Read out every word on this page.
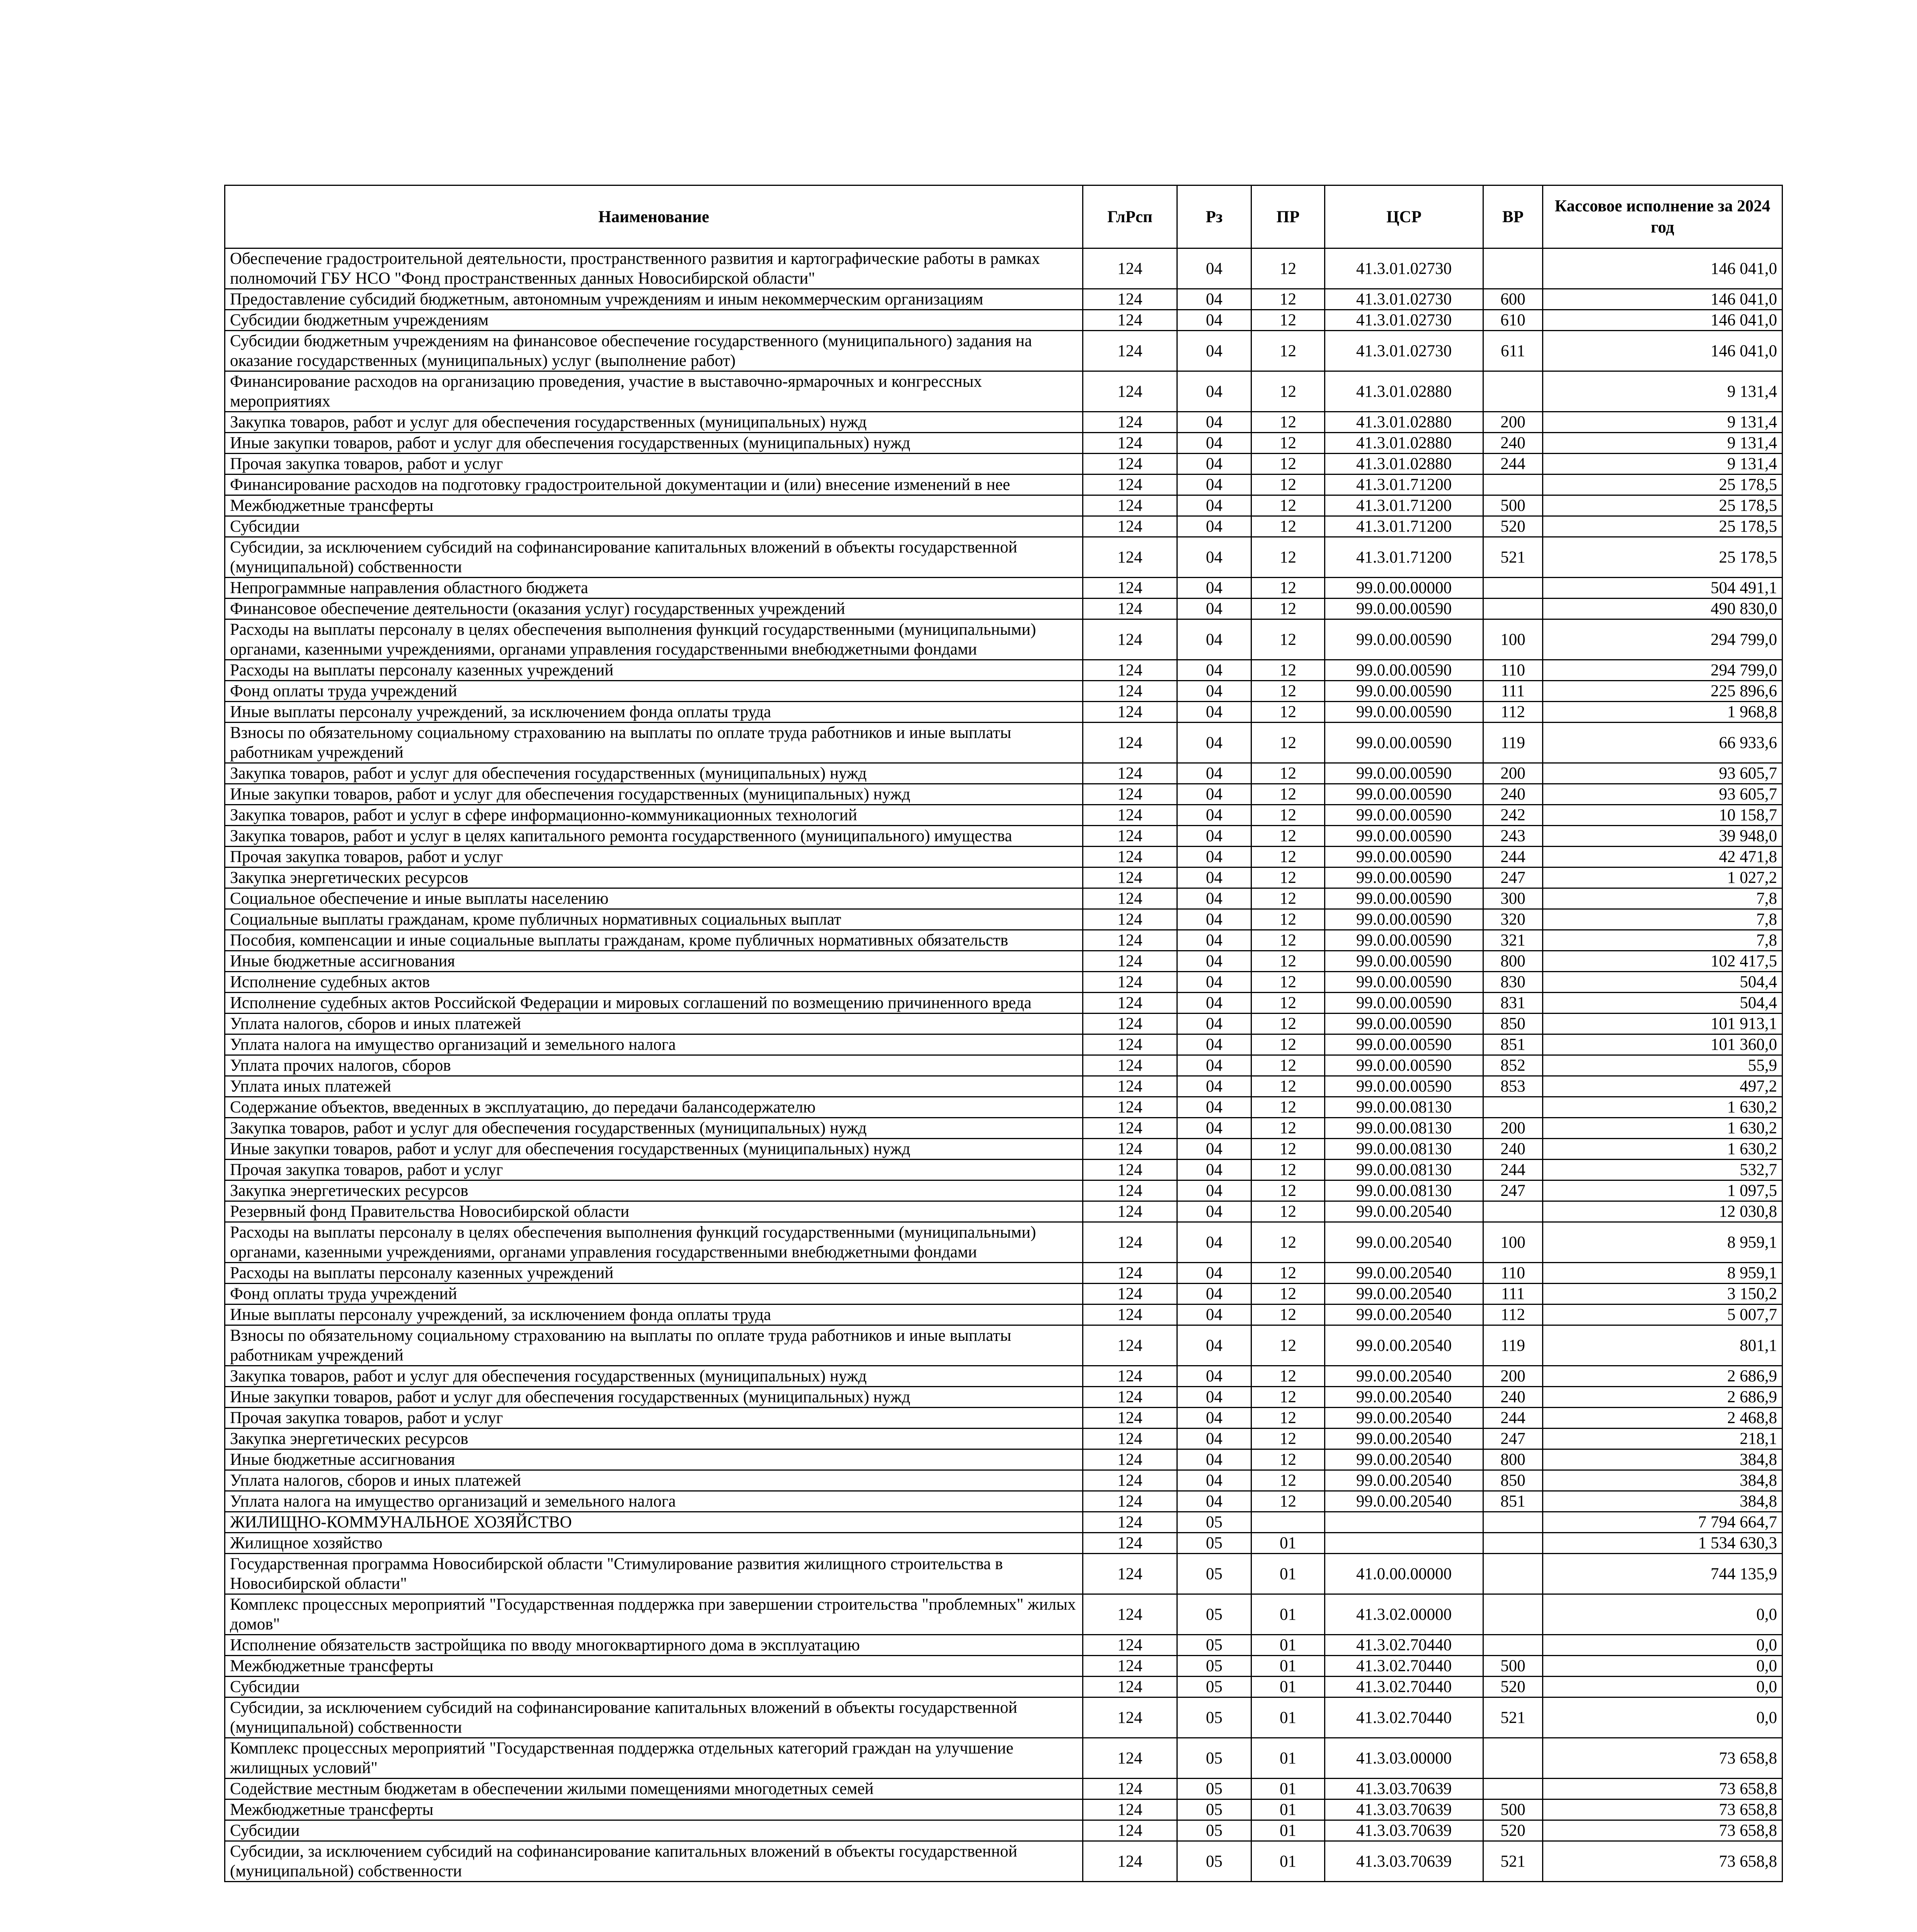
Наименование	ГлРсп	Рз	ПР	ЦСР	ВР	Кассовое исполнение за 2024 год
Обеспечение градостроительной деятельности, пространственного развития и картографические работы в рамках полномочий ГБУ НСО "Фонд пространственных данных Новосибирской области"	124	04	12	41.3.01.02730		146 041,0
Предоставление субсидий бюджетным, автономным учреждениям и иным некоммерческим организациям	124	04	12	41.3.01.02730	600	146 041,0
Субсидии бюджетным учреждениям	124	04	12	41.3.01.02730	610	146 041,0
Субсидии бюджетным учреждениям на финансовое обеспечение государственного (муниципального) задания на оказание государственных (муниципальных) услуг (выполнение работ)	124	04	12	41.3.01.02730	611	146 041,0
Финансирование расходов на организацию проведения, участие в выставочно-ярмарочных и конгрессных мероприятиях	124	04	12	41.3.01.02880		9 131,4
Закупка товаров, работ и услуг для обеспечения государственных (муниципальных) нужд	124	04	12	41.3.01.02880	200	9 131,4
Иные закупки товаров, работ и услуг для обеспечения государственных (муниципальных) нужд	124	04	12	41.3.01.02880	240	9 131,4
Прочая закупка товаров, работ и услуг	124	04	12	41.3.01.02880	244	9 131,4
Финансирование расходов на подготовку градостроительной документации и (или) внесение изменений в нее	124	04	12	41.3.01.71200		25 178,5
Межбюджетные трансферты	124	04	12	41.3.01.71200	500	25 178,5
Субсидии	124	04	12	41.3.01.71200	520	25 178,5
Субсидии, за исключением субсидий на софинансирование капитальных вложений в объекты государственной (муниципальной) собственности	124	04	12	41.3.01.71200	521	25 178,5
Непрограммные направления областного бюджета	124	04	12	99.0.00.00000		504 491,1
Финансовое обеспечение деятельности (оказания услуг) государственных учреждений	124	04	12	99.0.00.00590		490 830,0
Расходы на выплаты персоналу в целях обеспечения выполнения функций государственными (муниципальными) органами, казенными учреждениями, органами управления государственными внебюджетными фондами	124	04	12	99.0.00.00590	100	294 799,0
Расходы на выплаты персоналу казенных учреждений	124	04	12	99.0.00.00590	110	294 799,0
Фонд оплаты труда учреждений	124	04	12	99.0.00.00590	111	225 896,6
Иные выплаты персоналу учреждений, за исключением фонда оплаты труда	124	04	12	99.0.00.00590	112	1 968,8
Взносы по обязательному социальному страхованию на выплаты по оплате труда работников и иные выплаты работникам учреждений	124	04	12	99.0.00.00590	119	66 933,6
Закупка товаров, работ и услуг для обеспечения государственных (муниципальных) нужд	124	04	12	99.0.00.00590	200	93 605,7
Иные закупки товаров, работ и услуг для обеспечения государственных (муниципальных) нужд	124	04	12	99.0.00.00590	240	93 605,7
Закупка товаров, работ и услуг в сфере информационно-коммуникационных технологий	124	04	12	99.0.00.00590	242	10 158,7
Закупка товаров, работ и услуг в целях капитального ремонта государственного (муниципального) имущества	124	04	12	99.0.00.00590	243	39 948,0
Прочая закупка товаров, работ и услуг	124	04	12	99.0.00.00590	244	42 471,8
Закупка энергетических ресурсов	124	04	12	99.0.00.00590	247	1 027,2
Социальное обеспечение и иные выплаты населению	124	04	12	99.0.00.00590	300	7,8
Социальные выплаты гражданам, кроме публичных нормативных социальных выплат	124	04	12	99.0.00.00590	320	7,8
Пособия, компенсации и иные социальные выплаты гражданам, кроме публичных нормативных обязательств	124	04	12	99.0.00.00590	321	7,8
Иные бюджетные ассигнования	124	04	12	99.0.00.00590	800	102 417,5
Исполнение судебных актов	124	04	12	99.0.00.00590	830	504,4
Исполнение судебных актов Российской Федерации и мировых соглашений по возмещению причиненного вреда	124	04	12	99.0.00.00590	831	504,4
Уплата налогов, сборов и иных платежей	124	04	12	99.0.00.00590	850	101 913,1
Уплата налога на имущество организаций и земельного налога	124	04	12	99.0.00.00590	851	101 360,0
Уплата прочих налогов, сборов	124	04	12	99.0.00.00590	852	55,9
Уплата иных платежей	124	04	12	99.0.00.00590	853	497,2
Содержание объектов, введенных в эксплуатацию, до передачи балансодержателю	124	04	12	99.0.00.08130		1 630,2
Закупка товаров, работ и услуг для обеспечения государственных (муниципальных) нужд	124	04	12	99.0.00.08130	200	1 630,2
Иные закупки товаров, работ и услуг для обеспечения государственных (муниципальных) нужд	124	04	12	99.0.00.08130	240	1 630,2
Прочая закупка товаров, работ и услуг	124	04	12	99.0.00.08130	244	532,7
Закупка энергетических ресурсов	124	04	12	99.0.00.08130	247	1 097,5
Резервный фонд Правительства Новосибирской области	124	04	12	99.0.00.20540		12 030,8
Расходы на выплаты персоналу в целях обеспечения выполнения функций государственными (муниципальными) органами, казенными учреждениями, органами управления государственными внебюджетными фондами	124	04	12	99.0.00.20540	100	8 959,1
Расходы на выплаты персоналу казенных учреждений	124	04	12	99.0.00.20540	110	8 959,1
Фонд оплаты труда учреждений	124	04	12	99.0.00.20540	111	3 150,2
Иные выплаты персоналу учреждений, за исключением фонда оплаты труда	124	04	12	99.0.00.20540	112	5 007,7
Взносы по обязательному социальному страхованию на выплаты по оплате труда работников и иные выплаты работникам учреждений	124	04	12	99.0.00.20540	119	801,1
Закупка товаров, работ и услуг для обеспечения государственных (муниципальных) нужд	124	04	12	99.0.00.20540	200	2 686,9
Иные закупки товаров, работ и услуг для обеспечения государственных (муниципальных) нужд	124	04	12	99.0.00.20540	240	2 686,9
Прочая закупка товаров, работ и услуг	124	04	12	99.0.00.20540	244	2 468,8
Закупка энергетических ресурсов	124	04	12	99.0.00.20540	247	218,1
Иные бюджетные ассигнования	124	04	12	99.0.00.20540	800	384,8
Уплата налогов, сборов и иных платежей	124	04	12	99.0.00.20540	850	384,8
Уплата налога на имущество организаций и земельного налога	124	04	12	99.0.00.20540	851	384,8
ЖИЛИЩНО-КОММУНАЛЬНОЕ ХОЗЯЙСТВО	124	05				7 794 664,7
Жилищное хозяйство	124	05	01			1 534 630,3
Государственная программа Новосибирской области "Стимулирование развития жилищного строительства в Новосибирской области"	124	05	01	41.0.00.00000		744 135,9
Комплекс процессных мероприятий "Государственная поддержка при завершении строительства "проблемных" жилых домов"	124	05	01	41.3.02.00000		0,0
Исполнение обязательств застройщика по вводу многоквартирного дома в эксплуатацию	124	05	01	41.3.02.70440		0,0
Межбюджетные трансферты	124	05	01	41.3.02.70440	500	0,0
Субсидии	124	05	01	41.3.02.70440	520	0,0
Субсидии, за исключением субсидий на софинансирование капитальных вложений в объекты государственной (муниципальной) собственности	124	05	01	41.3.02.70440	521	0,0
Комплекс процессных мероприятий "Государственная поддержка отдельных категорий граждан на улучшение жилищных условий"	124	05	01	41.3.03.00000		73 658,8
Содействие местным бюджетам в обеспечении жилыми помещениями многодетных семей	124	05	01	41.3.03.70639		73 658,8
Межбюджетные трансферты	124	05	01	41.3.03.70639	500	73 658,8
Субсидии	124	05	01	41.3.03.70639	520	73 658,8
Субсидии, за исключением субсидий на софинансирование капитальных вложений в объекты государственной (муниципальной) собственности	124	05	01	41.3.03.70639	521	73 658,8
